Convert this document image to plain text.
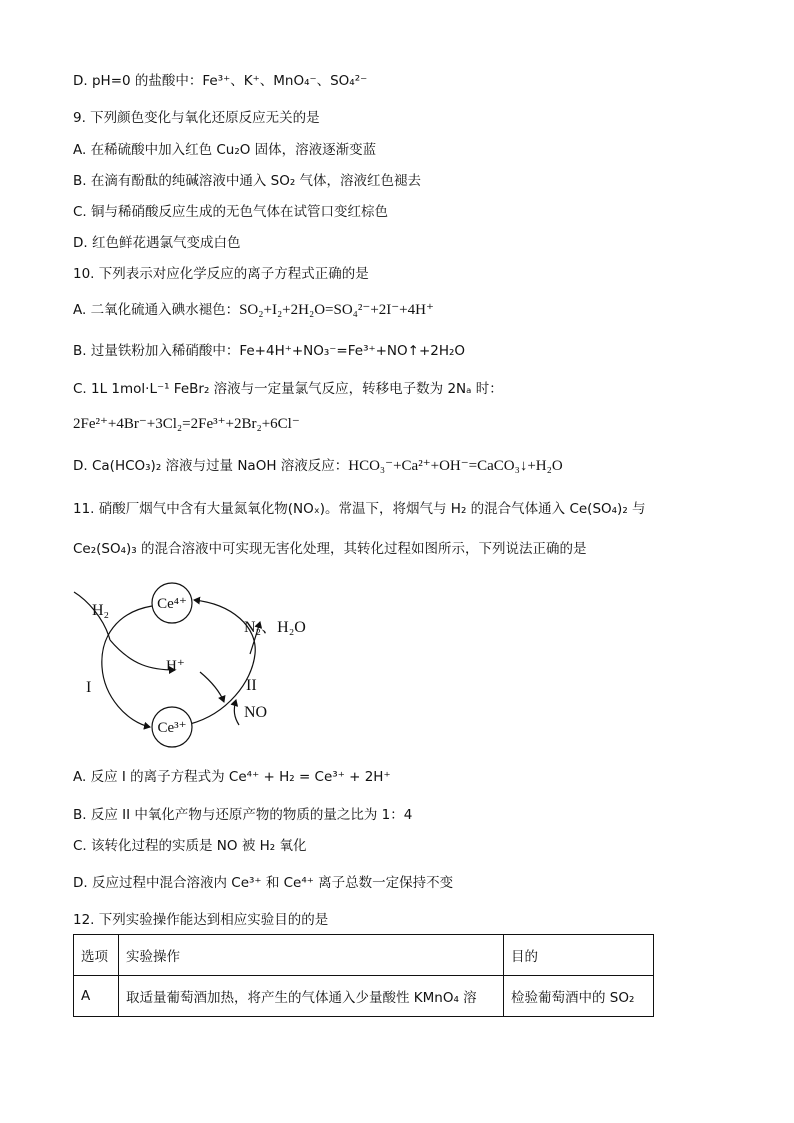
D. pH=0 的盐酸中：Fe³⁺、K⁺、MnO₄⁻、SO₄²⁻
9. 下列颜色变化与氧化还原反应无关的是
A. 在稀硫酸中加入红色 Cu₂O 固体，溶液逐渐变蓝
B. 在滴有酚酞的纯碱溶液中通入 SO₂ 气体，溶液红色褪去
C. 铜与稀硝酸反应生成的无色气体在试管口变红棕色
D. 红色鲜花遇氯气变成白色
10. 下列表示对应化学反应的离子方程式正确的是
A. 二氧化硫通入碘水褪色：SO₂+I₂+2H₂O=SO₄²⁻+2I⁻+4H⁺
B. 过量铁粉加入稀硝酸中：Fe+4H⁺+NO₃⁻=Fe³⁺+NO↑+2H₂O
C. 1L 1mol·L⁻¹ FeBr₂ 溶液与一定量氯气反应，转移电子数为 2Nₐ 时：
2Fe²⁺+4Br⁻+3Cl₂=2Fe³⁺+2Br₂+6Cl⁻
D. Ca(HCO₃)₂ 溶液与过量 NaOH 溶液反应：HCO₃⁻+Ca²⁺+OH⁻=CaCO₃↓+H₂O
11. 硝酸厂烟气中含有大量氮氧化物(NOₓ)。常温下，将烟气与 H₂ 的混合气体通入 Ce(SO₄)₂ 与
Ce₂(SO₄)₃ 的混合溶液中可实现无害化处理，其转化过程如图所示，下列说法正确的是
Ce⁴⁺
Ce³⁺
H₂
H⁺
I	II
N₂、H₂O
NO
A. 反应 I 的离子方程式为 Ce⁴⁺ + H₂ = Ce³⁺ + 2H⁺
B. 反应 II 中氧化产物与还原产物的物质的量之比为 1：4
C. 该转化过程的实质是 NO 被 H₂ 氧化
D. 反应过程中混合溶液内 Ce³⁺ 和 Ce⁴⁺ 离子总数一定保持不变
12. 下列实验操作能达到相应实验目的的是
选项	实验操作	目的
A	取适量葡萄酒加热，将产生的气体通入少量酸性 KMnO₄ 溶	检验葡萄酒中的 SO₂
